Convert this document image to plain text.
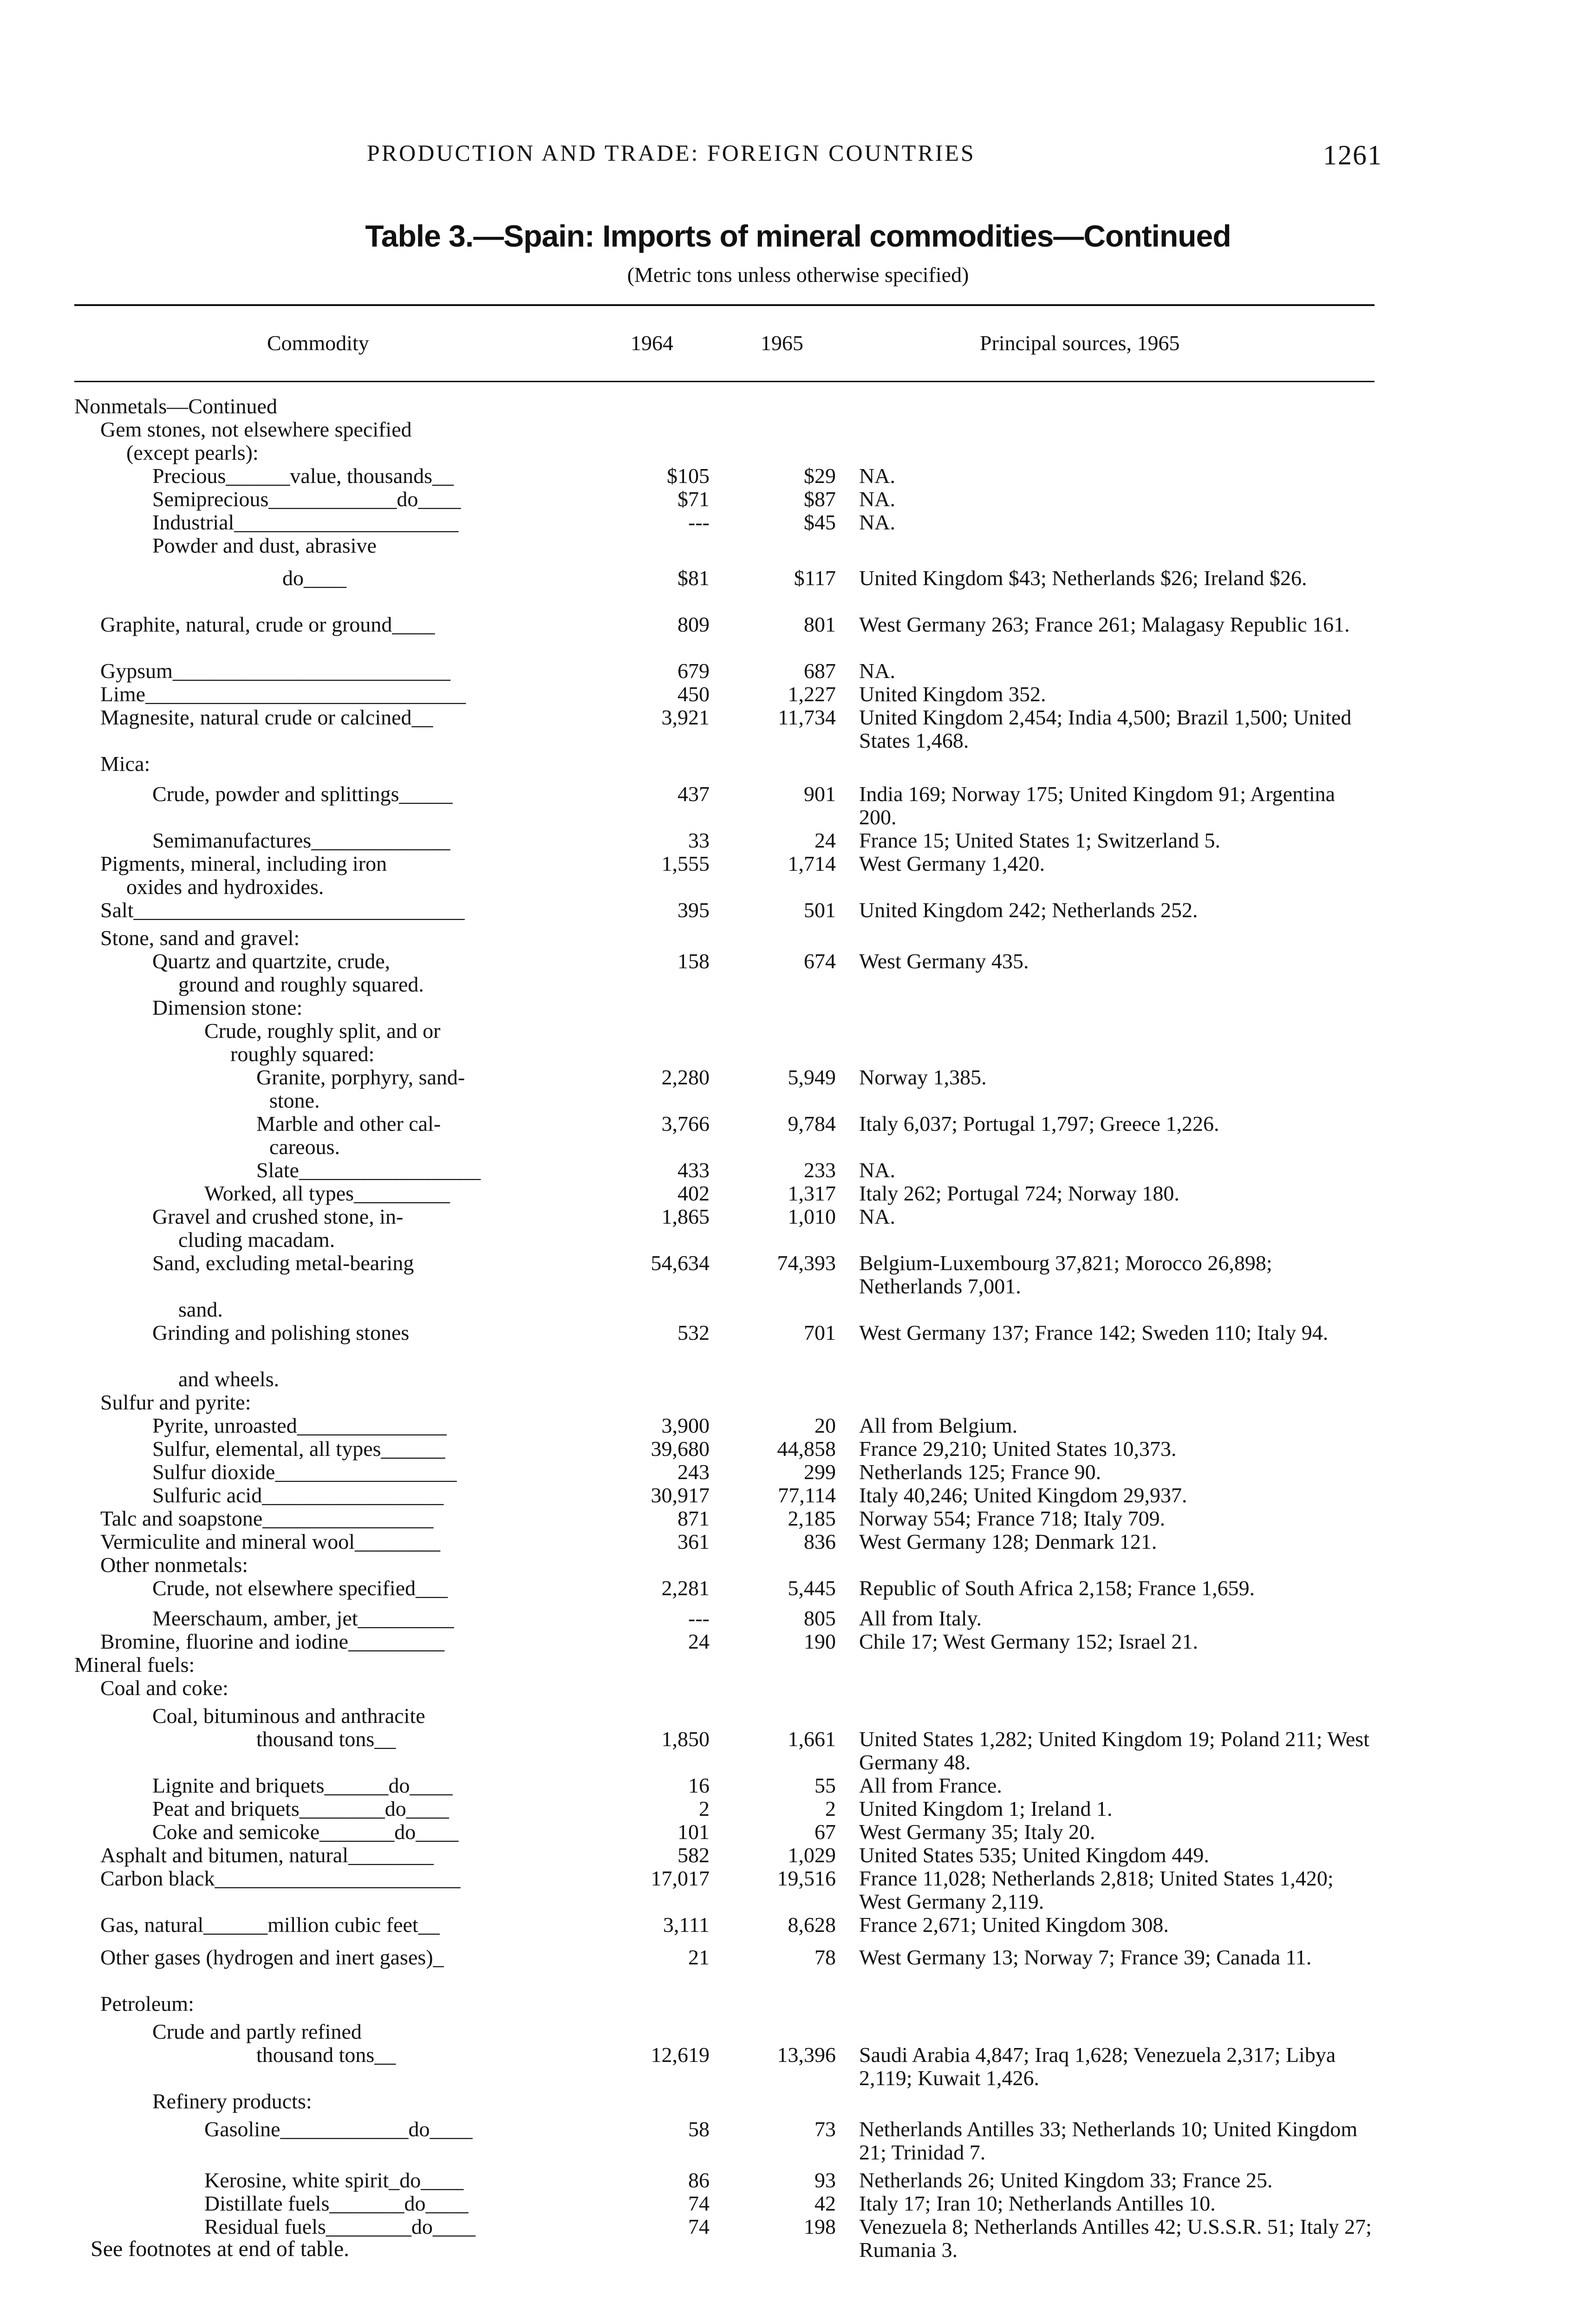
PRODUCTION AND TRADE: FOREIGN COUNTRIES	1261
Table 3.—Spain: Imports of mineral commodities—Continued
(Metric tons unless otherwise specified)
Commodity	1964	1965	Principal sources, 1965
Nonmetals—Continued
Gem stones, not elsewhere specified
(except pearls):
Precious______value, thousands__	$105	$29 NA.
Semiprecious____________do____	$71	$87 NA.
Industrial_____________________	---	$45 NA.
Powder and dust, abrasive
do____	$81	$117 United Kingdom $43; Netherlands $26; Ireland $26.
Graphite, natural, crude or ground____	809	801 West Germany 263; France 261; Malagasy Republic 161.
Gypsum__________________________	679	687 NA.
Lime______________________________	450	1,227 United Kingdom 352.
Magnesite, natural crude or calcined__	3,921	11,734 United Kingdom 2,454; India 4,500; Brazil 1,500; United States 1,468.
Mica:
Crude, powder and splittings_____	437	901 India 169; Norway 175; United Kingdom 91; Argentina 200.
Semimanufactures_____________	33	24 France 15; United States 1; Switzerland 5.
Pigments, mineral, including iron	1,555	1,714 West Germany 1,420.
oxides and hydroxides.
Salt_______________________________	395	501 United Kingdom 242; Netherlands 252.
Stone, sand and gravel:
Quartz and quartzite, crude,	158	674 West Germany 435.
ground and roughly squared.
Dimension stone:
Crude, roughly split, and or
roughly squared:
Granite, porphyry, sand-	2,280	5,949 Norway 1,385.
stone.
Marble and other cal-	3,766	9,784 Italy 6,037; Portugal 1,797; Greece 1,226.
careous.
Slate_________________	433	233 NA.
Worked, all types_________	402	1,317 Italy 262; Portugal 724; Norway 180.
Gravel and crushed stone, in-	1,865	1,010 NA.
cluding macadam.
Sand, excluding metal-bearing	54,634	74,393 Belgium-Luxembourg 37,821; Morocco 26,898; Netherlands 7,001.
sand.
Grinding and polishing stones	532	701 West Germany 137; France 142; Sweden 110; Italy 94.
and wheels.
Sulfur and pyrite:
Pyrite, unroasted______________	3,900	20 All from Belgium.
Sulfur, elemental, all types______	39,680	44,858 France 29,210; United States 10,373.
Sulfur dioxide_________________	243	299 Netherlands 125; France 90.
Sulfuric acid_________________	30,917	77,114 Italy 40,246; United Kingdom 29,937.
Talc and soapstone________________	871	2,185 Norway 554; France 718; Italy 709.
Vermiculite and mineral wool________	361	836 West Germany 128; Denmark 121.
Other nonmetals:
Crude, not elsewhere specified___	2,281	5,445 Republic of South Africa 2,158; France 1,659.
Meerschaum, amber, jet_________	---	805 All from Italy.
Bromine, fluorine and iodine_________	24	190 Chile 17; West Germany 152; Israel 21.
Mineral fuels:
Coal and coke:
Coal, bituminous and anthracite
thousand tons__	1,850	1,661 United States 1,282; United Kingdom 19; Poland 211; West Germany 48.
Lignite and briquets______do____	16	55 All from France.
Peat and briquets________do____	2	2 United Kingdom 1; Ireland 1.
Coke and semicoke_______do____	101	67 West Germany 35; Italy 20.
Asphalt and bitumen, natural________	582	1,029 United States 535; United Kingdom 449.
Carbon black_______________________	17,017	19,516 France 11,028; Netherlands 2,818; United States 1,420; West Germany 2,119.
Gas, natural______million cubic feet__	3,111	8,628 France 2,671; United Kingdom 308.
Other gases (hydrogen and inert gases)_	21	78 West Germany 13; Norway 7; France 39; Canada 11.
Petroleum:
Crude and partly refined
thousand tons__	12,619	13,396 Saudi Arabia 4,847; Iraq 1,628; Venezuela 2,317; Libya 2,119; Kuwait 1,426.
Refinery products:
Gasoline____________do____	58	73 Netherlands Antilles 33; Netherlands 10; United Kingdom 21; Trinidad 7.
Kerosine, white spirit_do____	86	93 Netherlands 26; United Kingdom 33; France 25.
Distillate fuels_______do____	74	42 Italy 17; Iran 10; Netherlands Antilles 10.
Residual fuels________do____	74	198 Venezuela 8; Netherlands Antilles 42; U.S.S.R. 51; Italy 27; Rumania 3.
See footnotes at end of table.
